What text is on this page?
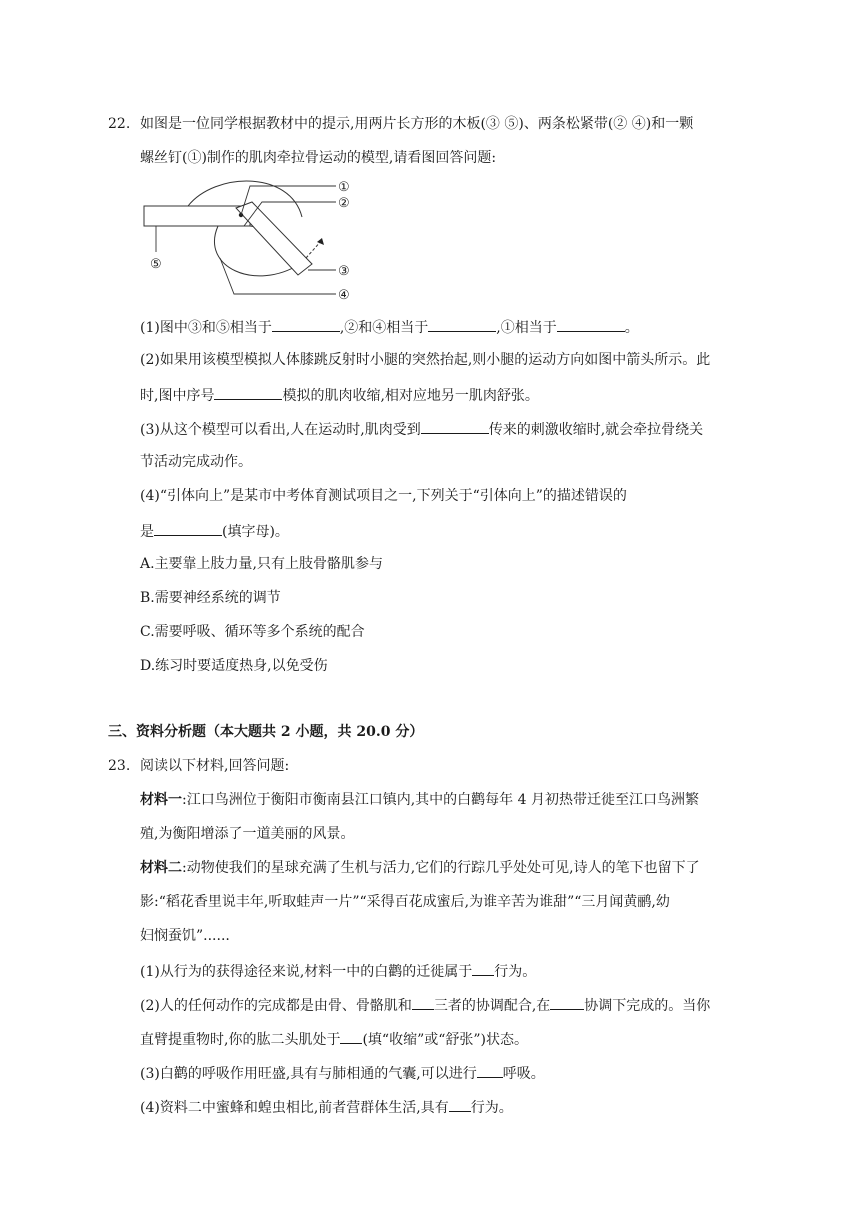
22. 如图是一位同学根据教材中的提示,用两片长方形的木板(③ ⑤)、两条松紧带(② ④)和一颗
螺丝钉(①)制作的肌肉牵拉骨运动的模型,请看图回答问题:
①
②
③
④
⑤
(1)图中③和⑤相当于	,②和④相当于	,①相当于	。
(2)如果用该模型模拟人体膝跳反射时小腿的突然抬起,则小腿的运动方向如图中箭头所示。此
时,图中序号	模拟的肌肉收缩,相对应地另一肌肉舒张。
(3)从这个模型可以看出,人在运动时,肌肉受到	传来的刺激收缩时,就会牵拉骨绕关
节活动完成动作。
(4)“引体向上”是某市中考体育测试项目之一,下列关于“引体向上”的描述错误的
是	(填字母)。
A.主要靠上肢力量,只有上肢骨骼肌参与
B.需要神经系统的调节
C.需要呼吸、循环等多个系统的配合
D.练习时要适度热身,以免受伤
三、资料分析题（本大题共 2 小题，共 20.0 分）
23. 阅读以下材料,回答问题:
材料一:江口鸟洲位于衡阳市衡南县江口镇内,其中的白鹳每年 4 月初热带迁徙至江口鸟洲繁
殖,为衡阳增添了一道美丽的风景。
材料二:动物使我们的星球充满了生机与活力,它们的行踪几乎处处可见,诗人的笔下也留下了
影:“稻花香里说丰年,听取蛙声一片”“采得百花成蜜后,为谁辛苦为谁甜”“三月闻黄鹂,幼
妇悯蚕饥”......
(1)从行为的获得途径来说,材料一中的白鹳的迁徙属于 行为。
(2)人的任何动作的完成都是由骨、骨骼肌和 三者的协调配合,在 协调下完成的。当你
直臂提重物时,你的肱二头肌处于 (填“收缩”或“舒张”)状态。
(3)白鹳的呼吸作用旺盛,具有与肺相通的气囊,可以进行 呼吸。
(4)资料二中蜜蜂和蝗虫相比,前者营群体生活,具有 行为。
